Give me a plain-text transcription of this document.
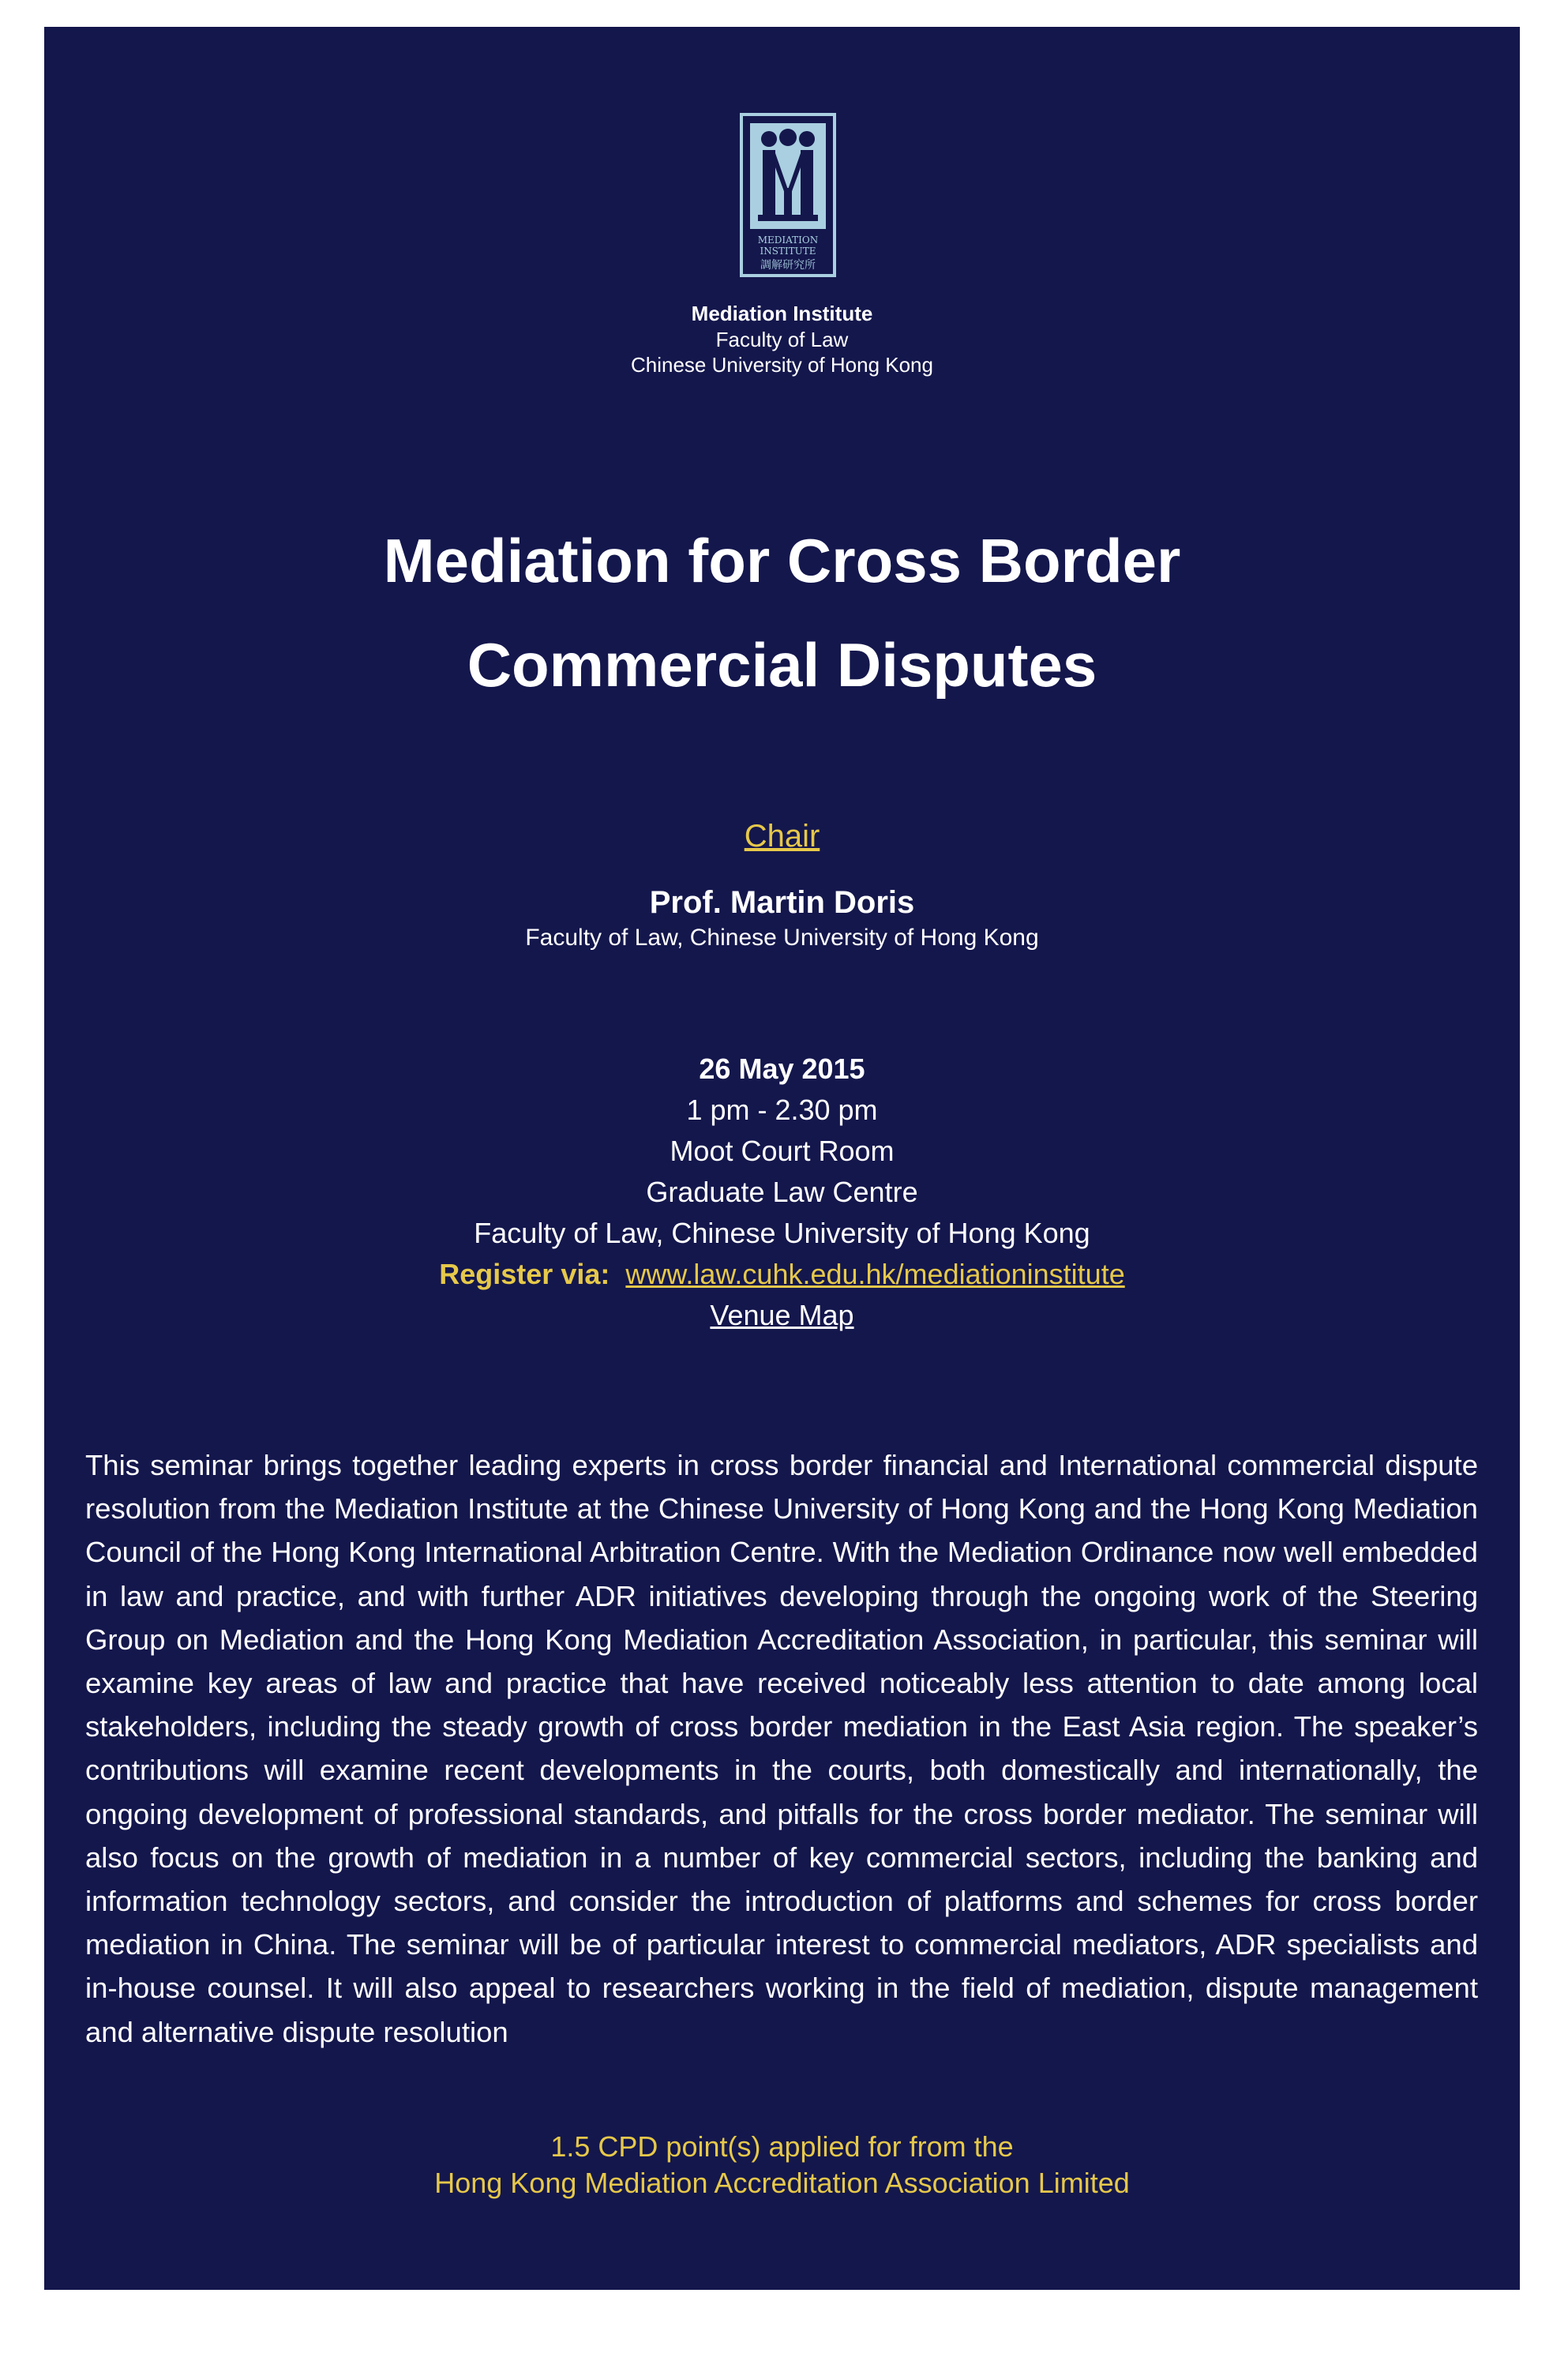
MEDIATION
INSTITUTE
調解研究所
Mediation Institute
Faculty of Law
Chinese University of Hong Kong
Mediation for Cross Border
Commercial Disputes
Chair
Prof. Martin Doris
Faculty of Law, Chinese University of Hong Kong
26 May 2015
1 pm - 2.30 pm
Moot Court Room
Graduate Law Centre
Faculty of Law, Chinese University of Hong Kong
Register via: www.law.cuhk.edu.hk/mediationinstitute
Venue Map
This seminar brings together leading experts in cross border financial and International commercial dispute resolution from the Mediation Institute at the Chinese University of Hong Kong and the Hong Kong Mediation Council of the Hong Kong International Arbitration Centre. With the Mediation Ordinance now well embedded in law and practice, and with further ADR initiatives developing through the ongoing work of the Steering Group on Mediation and the Hong Kong Mediation Accreditation Association, in particular, this seminar will examine key areas of law and practice that have received noticeably less attention to date among local stakeholders, including the steady growth of cross border mediation in the East Asia region. The speaker’s contributions will examine recent developments in the courts, both domestically and internationally, the ongoing development of professional standards, and pitfalls for the cross border mediator. The seminar will also focus on the growth of mediation in a number of key commercial sectors, including the banking and information technology sectors, and consider the introduction of platforms and schemes for cross border mediation in China. The seminar will be of particular interest to commercial mediators, ADR specialists and in-house counsel. It will also appeal to researchers working in the field of mediation, dispute management and alternative dispute resolution
1.5 CPD point(s) applied for from the
Hong Kong Mediation Accreditation Association Limited
